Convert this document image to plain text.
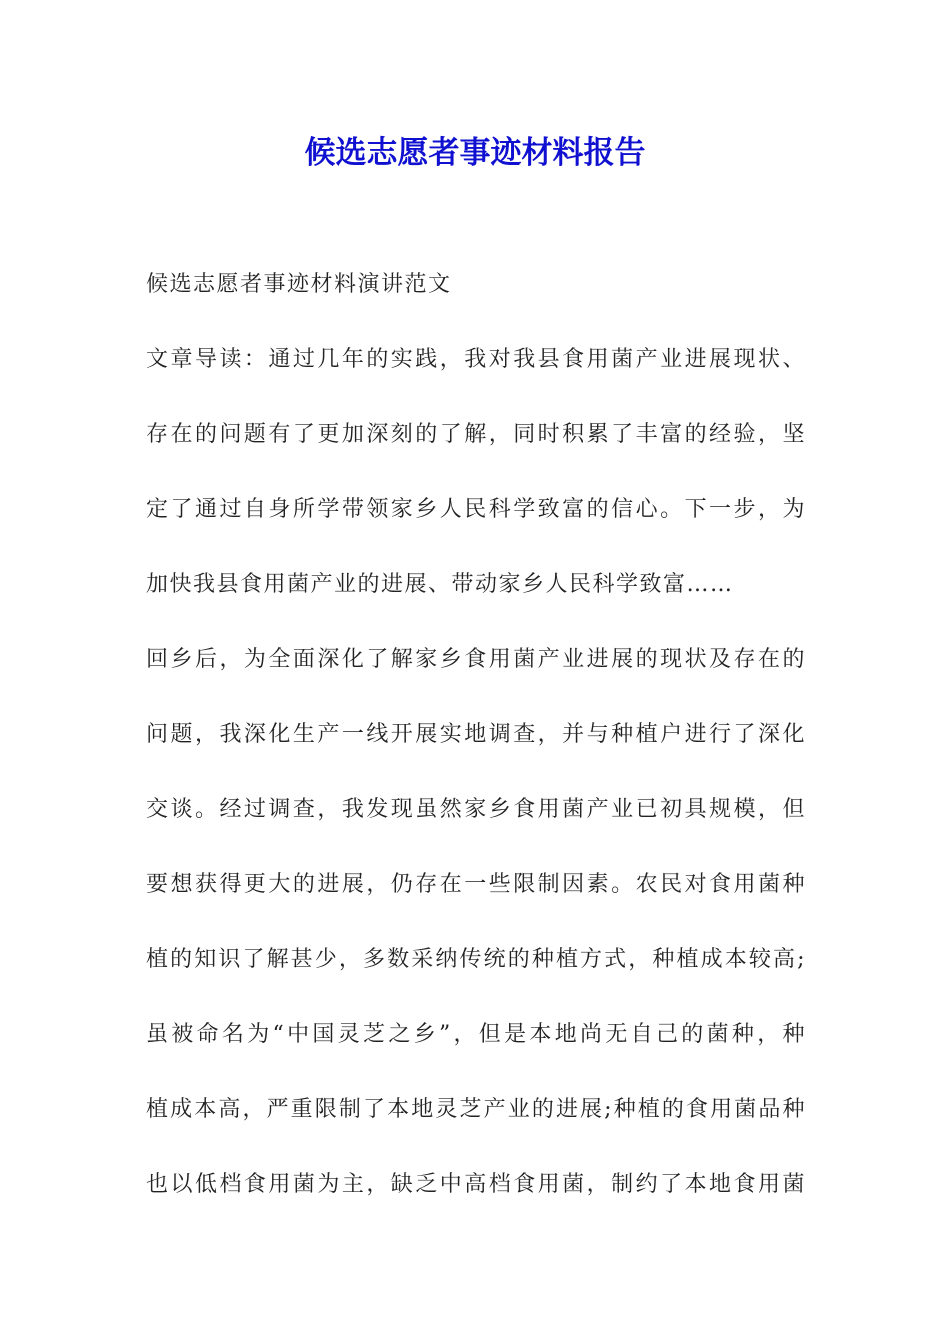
候选志愿者事迹材料报告
候选志愿者事迹材料演讲范文
文章导读：通过几年的实践，我对我县食用菌产业进展现状、
存在的问题有了更加深刻的了解，同时积累了丰富的经验，坚
定了通过自身所学带领家乡人民科学致富的信心。下一步，为
加快我县食用菌产业的进展、带动家乡人民科学致富……
回乡后，为全面深化了解家乡食用菌产业进展的现状及存在的
问题，我深化生产一线开展实地调查，并与种植户进行了深化
交谈。经过调查，我发现虽然家乡食用菌产业已初具规模，但
要想获得更大的进展，仍存在一些限制因素。农民对食用菌种
植的知识了解甚少，多数采纳传统的种植方式，种植成本较高;
虽被命名为“中国灵芝之乡”，但是本地尚无自己的菌种，种
植成本高，严重限制了本地灵芝产业的进展;种植的食用菌品种
也以低档食用菌为主，缺乏中高档食用菌，制约了本地食用菌
